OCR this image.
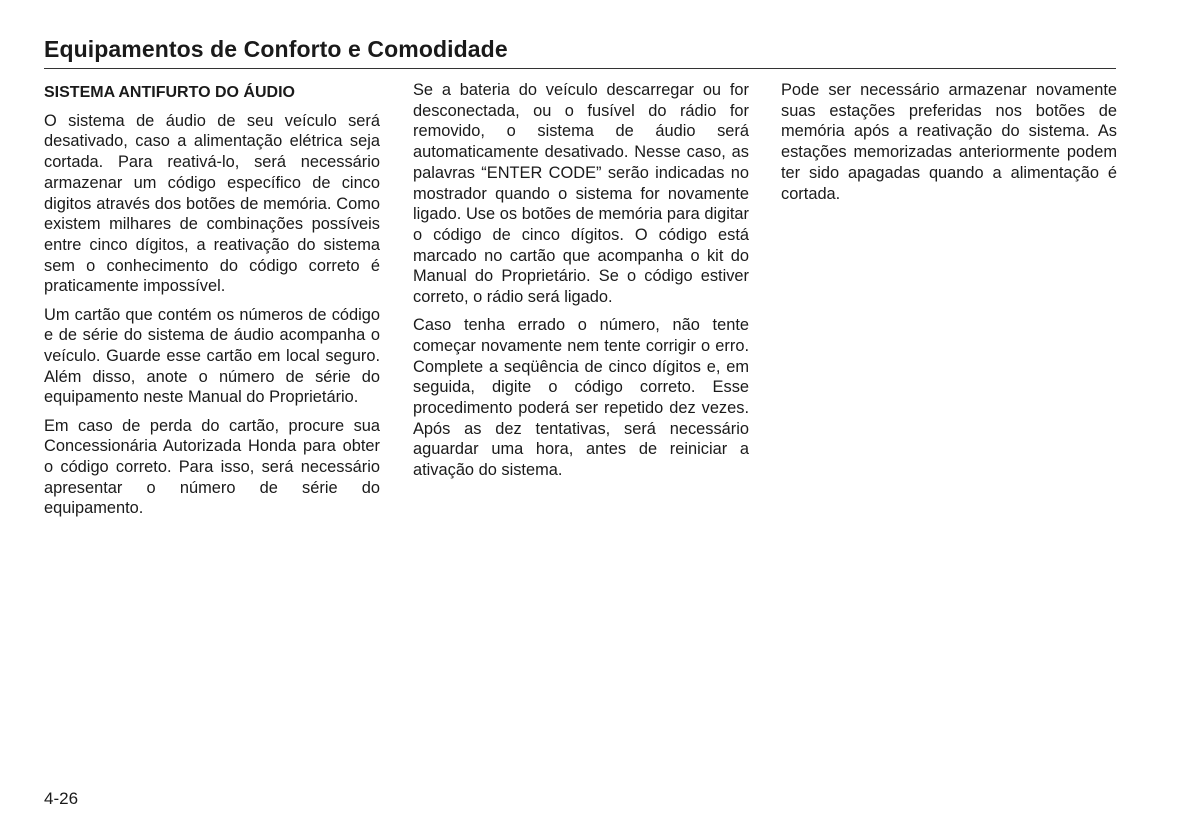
Equipamentos de Conforto e Comodidade
SISTEMA ANTIFURTO DO ÁUDIO

O sistema de áudio de seu veículo será desativado, caso a alimentação elétrica seja cortada. Para reativá-lo, será necessário armazenar um código específico de cinco digitos através dos botões de memória. Como existem milhares de combinações possíveis entre cinco dígitos, a reativação do sistema sem o conhecimento do código correto é praticamente impossível.

Um cartão que contém os números de código e de série do sistema de áudio acompanha o veículo. Guarde esse cartão em local seguro. Além disso, anote o número de série do equipamento neste Manual do Proprietário.

Em caso de perda do cartão, procure sua Concessionária Autorizada Honda para obter o código correto. Para isso, será necessário apresentar o número de série do equipamento.

Se a bateria do veículo descarregar ou for desconectada, ou o fusível do rádio for removido, o sistema de áudio será automaticamente desativado. Nesse caso, as palavras “ENTER CODE” serão indicadas no mostrador quando o sistema for novamente ligado. Use os botões de memória para digitar o código de cinco dígitos. O código está marcado no cartão que acompanha o kit do Manual do Proprietário. Se o código estiver correto, o rádio será ligado.

Caso tenha errado o número, não tente começar novamente nem tente corrigir o erro. Complete a seqüência de cinco dígitos e, em seguida, digite o código correto. Esse procedimento poderá ser repetido dez vezes. Após as dez tentativas, será necessário aguardar uma hora, antes de reiniciar a ativação do sistema.

Pode ser necessário armazenar novamente suas estações preferidas nos botões de memória após a reativação do sistema. As estações memorizadas anteriormente podem ter sido apagadas quando a alimentação é cortada.

4-26
